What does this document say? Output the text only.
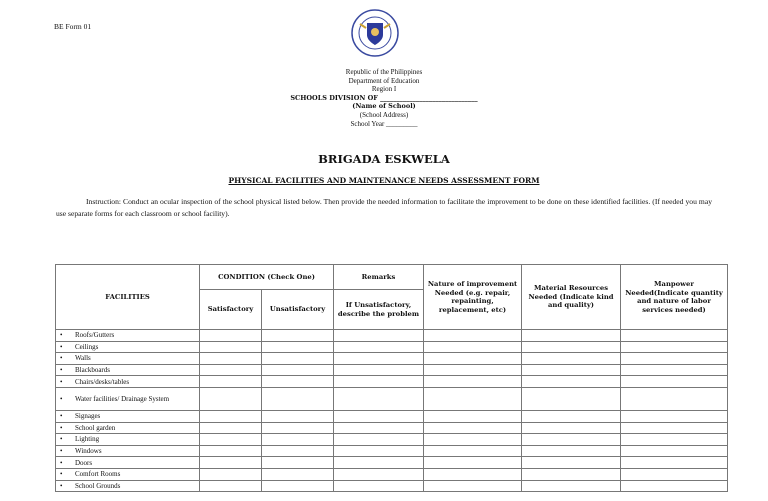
BE Form 01
Republic of the Philippines
Department of Education
Region I
SCHOOLS DIVISION OF ______________________________
(Name of School)
(School Address)
School Year _________
BRIGADA ESKWELA
PHYSICAL FACILITIES AND MAINTENANCE NEEDS ASSESSMENT FORM
Instruction: Conduct an ocular inspection of the school physical listed below. Then provide the needed information to facilitate the improvement to be done on these identified facilities. (If needed you may use separate forms for each classroom or school facility).
FACILITIES	CONDITION (Check One)		Remarks	Nature of improvement Needed (e.g. repair, repainting, replacement, etc)	Material Resources Needed (Indicate kind and quality)	Manpower Needed(Indicate quantity and nature of labor services needed)
	Satisfactory	Unsatisfactory	If Unsatisfactory, describe the problem			
• Roofs/Gutters						
• Ceilings						
• Walls						
• Blackboards						
• Chairs/desks/tables						
• Water facilities/ Drainage System						
• Signages						
• School garden						
• Lighting						
• Windows						
• Doors						
• Comfort Rooms						
• School Grounds						
